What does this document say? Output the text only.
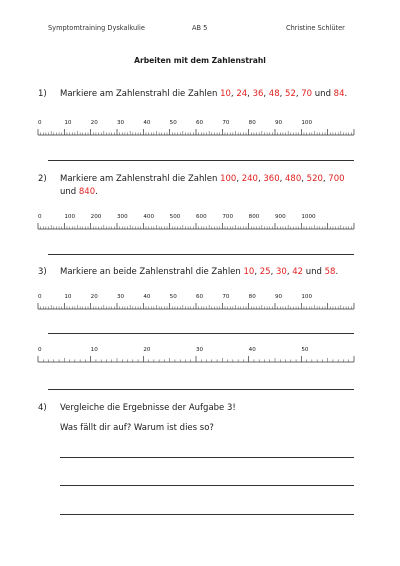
Symptomtraining Dyskalkulie	AB 5	Christine Schlüter
Arbeiten mit dem Zahlenstrahl
1) Markiere am Zahlenstrahl die Zahlen 10, 24, 36, 48, 52, 70 und 84.
0	10	20	30	40	50	60	70	80	90	100
2) Markiere am Zahlenstrahl die Zahlen 100, 240, 360, 480, 520, 700
und 840.
0	100	200	300	400	500	600	700	800	900	1000
3) Markiere an beide Zahlenstrahl die Zahlen 10, 25, 30, 42 und 58.
0	10	20	30	40	50	60	70	80	90	100
0	10	20	30	40	50
4) Vergleiche die Ergebnisse der Aufgabe 3!
Was fällt dir auf? Warum ist dies so?
